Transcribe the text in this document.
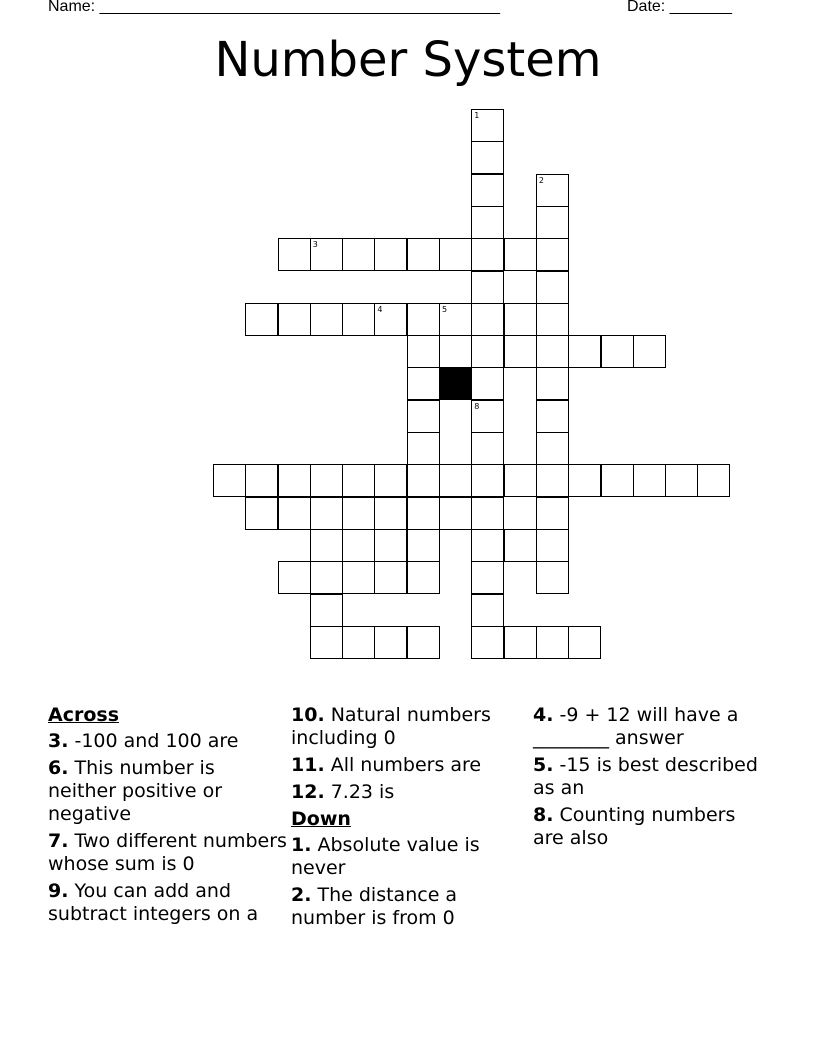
Name: _____________________________________________	Date: _______
Number System
1
2
3
4	5
8
Across
3. -100 and 100 are
6. This number is neither positive or negative
7. Two different numbers whose sum is 0
9. You can add and subtract integers on a
10. Natural numbers including 0
11. All numbers are
12. 7.23 is
Down
1. Absolute value is never
2. The distance a number is from 0
4. -9 + 12 will have a ________ answer
5. -15 is best described as an
8. Counting numbers are also
